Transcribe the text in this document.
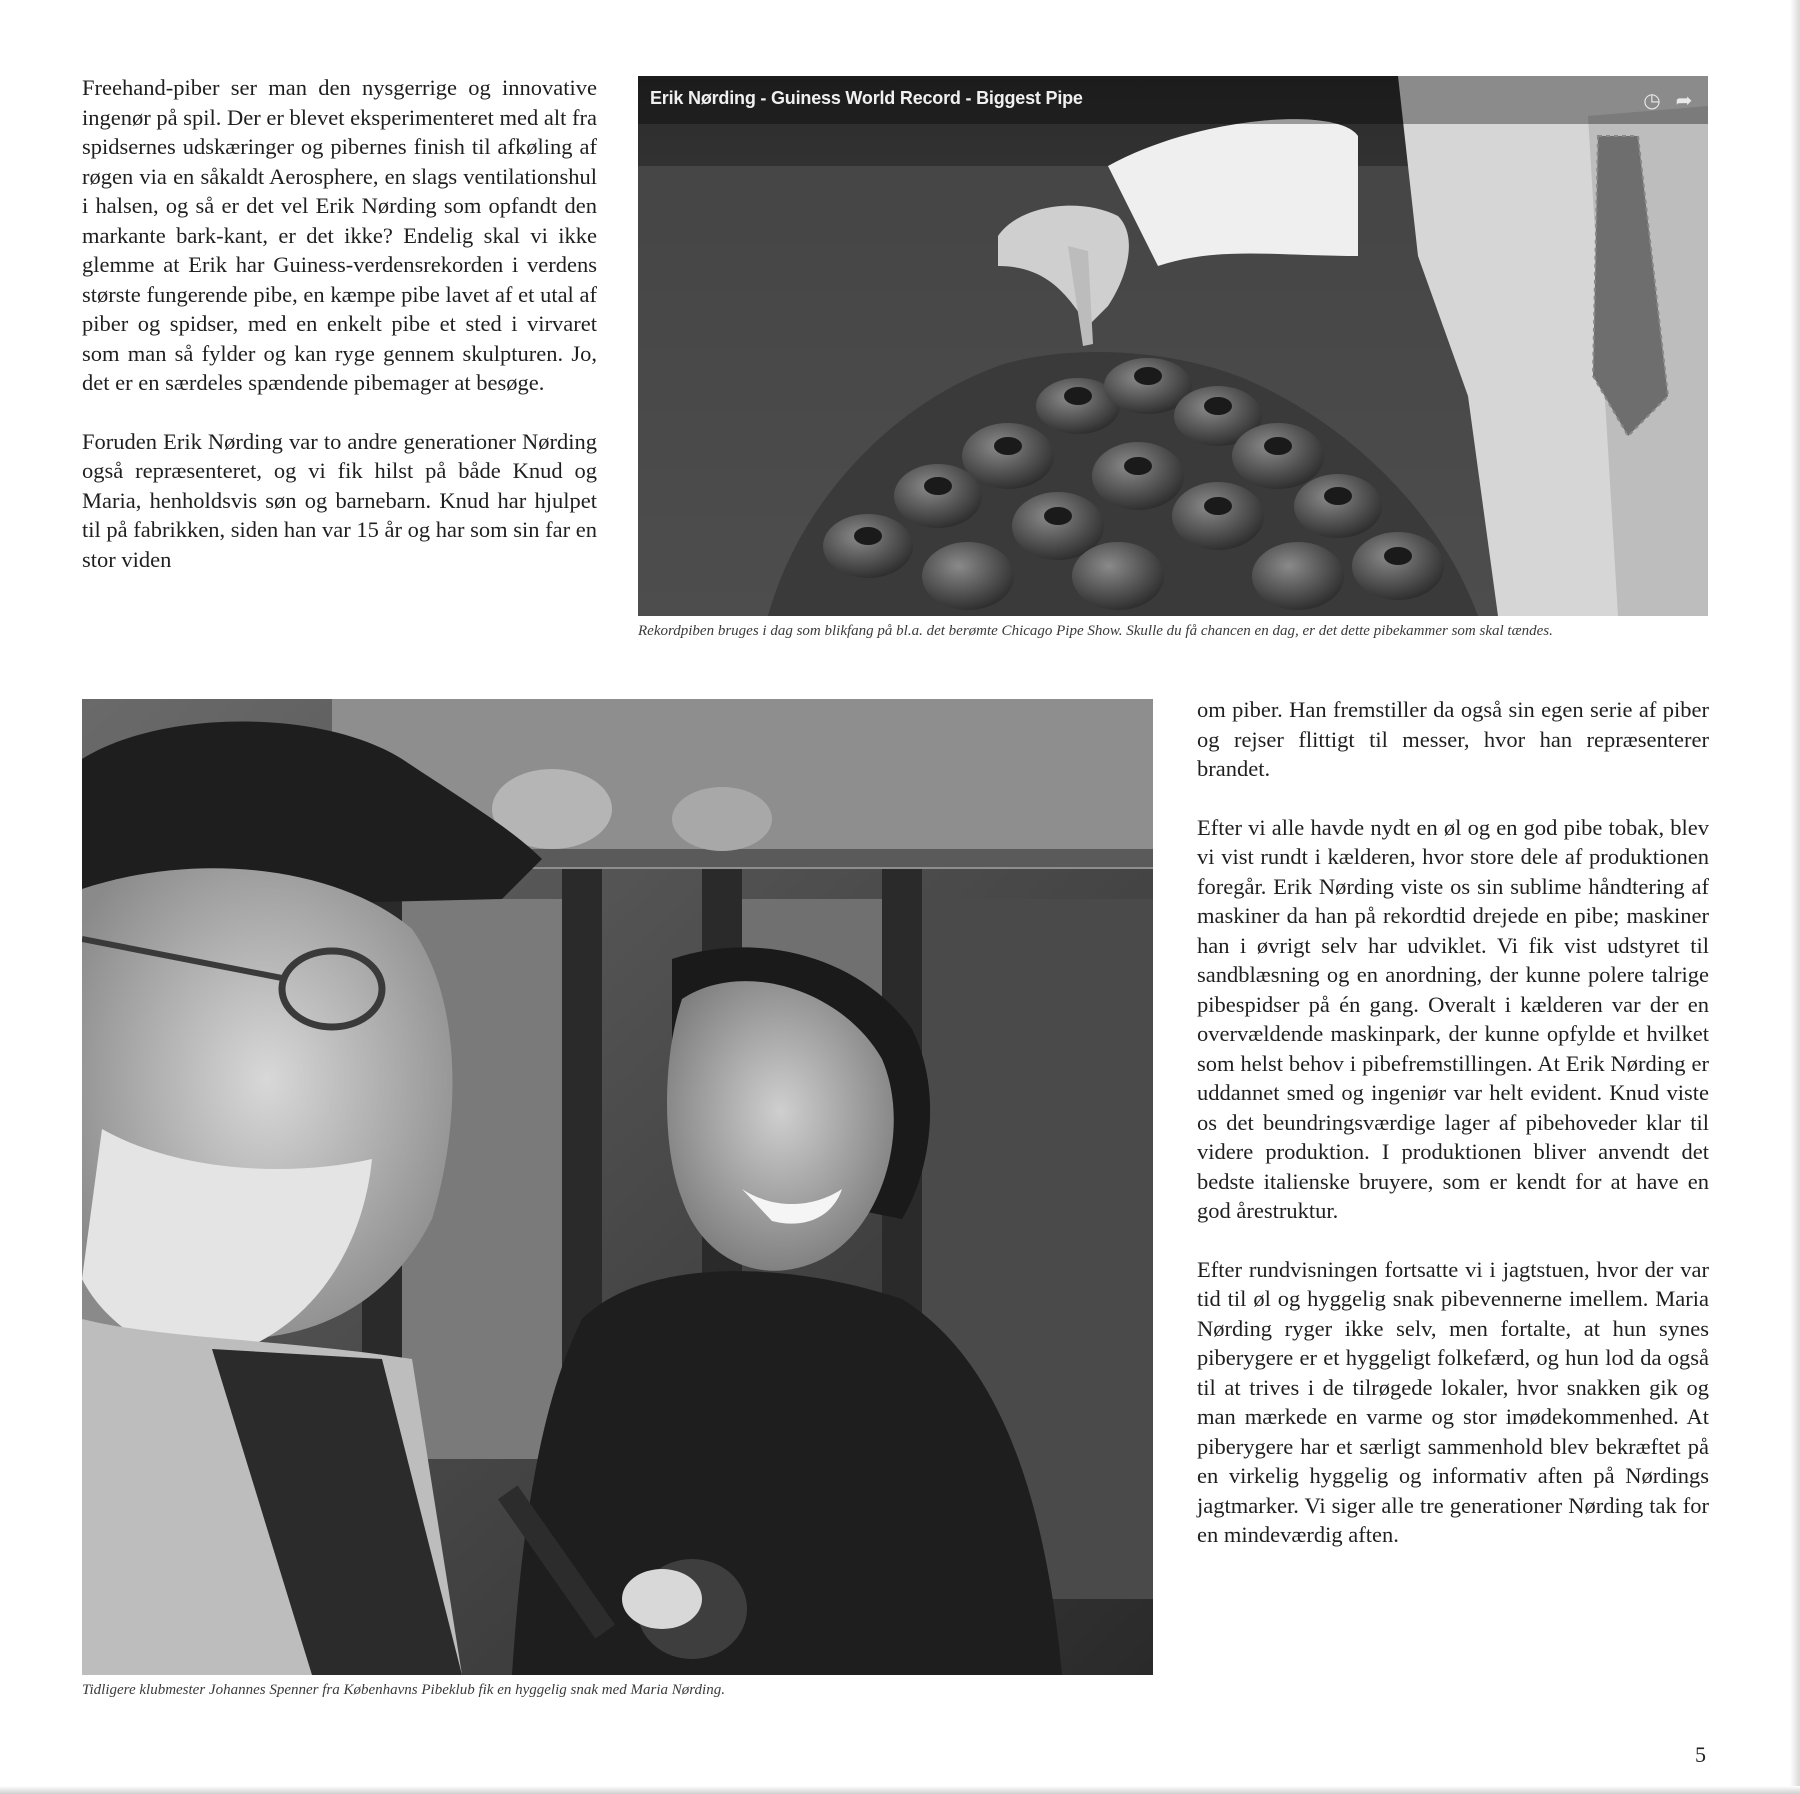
Freehand-piber ser man den nysgerrige og innovative ingenør på spil. Der er blevet eksperimenteret med alt fra spidsernes udskæringer og pibernes finish til afkøling af røgen via en såkaldt Aerosphere, en slags ventilationshul i halsen, og så er det vel Erik Nørding som opfandt den markante bark-kant, er det ikke? Endelig skal vi ikke glemme at Erik har Guiness-verdensrekorden i verdens største fungerende pibe, en kæmpe pibe lavet af et utal af piber og spidser, med en enkelt pibe et sted i virvaret som man så fylder og kan ryge gennem skulpturen. Jo, det er en særdeles spændende pibemager at besøge.

Foruden Erik Nørding var to andre generationer Nørding også repræsenteret, og vi fik hilst på både Knud og Maria, henholdsvis søn og barnebarn. Knud har hjulpet til på fabrikken, siden han var 15 år og har som sin far en stor viden

Erik Nørding - Guiness World Record - Biggest Pipe	◷ ➦
Rekordpiben bruges i dag som blikfang på bl.a. det berømte Chicago Pipe Show. Skulle du få chancen en dag, er det dette pibekammer som skal tændes.
Tidligere klubmester Johannes Spenner fra Københavns Pibeklub fik en hyggelig snak med Maria Nørding.

om piber. Han fremstiller da også sin egen serie af piber og rejser flittigt til messer, hvor han repræsenterer brandet.

Efter vi alle havde nydt en øl og en god pibe tobak, blev vi vist rundt i kælderen, hvor store dele af produktionen foregår. Erik Nørding viste os sin sublime håndtering af maskiner da han på rekordtid drejede en pibe; maskiner han i øvrigt selv har udviklet. Vi fik vist udstyret til sandblæsning og en anordning, der kunne polere talrige pibespidser på én gang. Overalt i kælderen var der en overvældende maskinpark, der kunne opfylde et hvilket som helst behov i pibefremstillingen. At Erik Nørding er uddannet smed og ingeniør var helt evident. Knud viste os det beundringsværdige lager af pibehoveder klar til videre produktion. I produktionen bliver anvendt det bedste italienske bruyere, som er kendt for at have en god årestruktur.

Efter rundvisningen fortsatte vi i jagtstuen, hvor der var tid til øl og hyggelig snak pibevennerne imellem. Maria Nørding ryger ikke selv, men fortalte, at hun synes piberygere er et hyggeligt folkefærd, og hun lod da også til at trives i de tilrøgede lokaler, hvor snakken gik og man mærkede en varme og stor imødekommenhed. At piberygere har et særligt sammenhold blev bekræftet på en virkelig hyggelig og informativ aften på Nørdings jagtmarker. Vi siger alle tre generationer Nørding tak for en mindeværdig aften.

5
